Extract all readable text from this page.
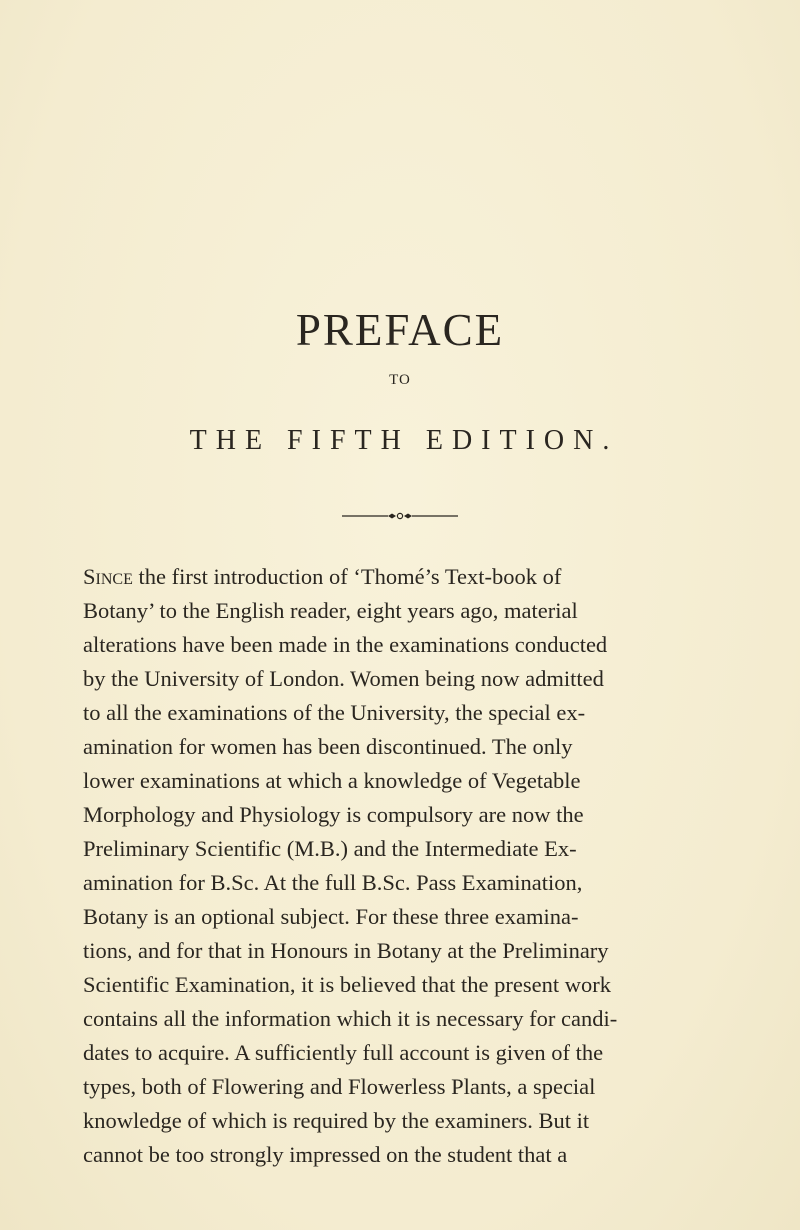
PREFACE
TO
THE FIFTH EDITION.

Since the first introduction of ‘Thomé’s Text-book of
Botany’ to the English reader, eight years ago, material
alterations have been made in the examinations conducted
by the University of London. Women being now admitted
to all the examinations of the University, the special ex-
amination for women has been discontinued. The only
lower examinations at which a knowledge of Vegetable
Morphology and Physiology is compulsory are now the
Preliminary Scientific (M.B.) and the Intermediate Ex-
amination for B.Sc. At the full B.Sc. Pass Examination,
Botany is an optional subject. For these three examina-
tions, and for that in Honours in Botany at the Preliminary
Scientific Examination, it is believed that the present work
contains all the information which it is necessary for candi-
dates to acquire. A sufficiently full account is given of the
types, both of Flowering and Flowerless Plants, a special
knowledge of which is required by the examiners. But it
cannot be too strongly impressed on the student that a
